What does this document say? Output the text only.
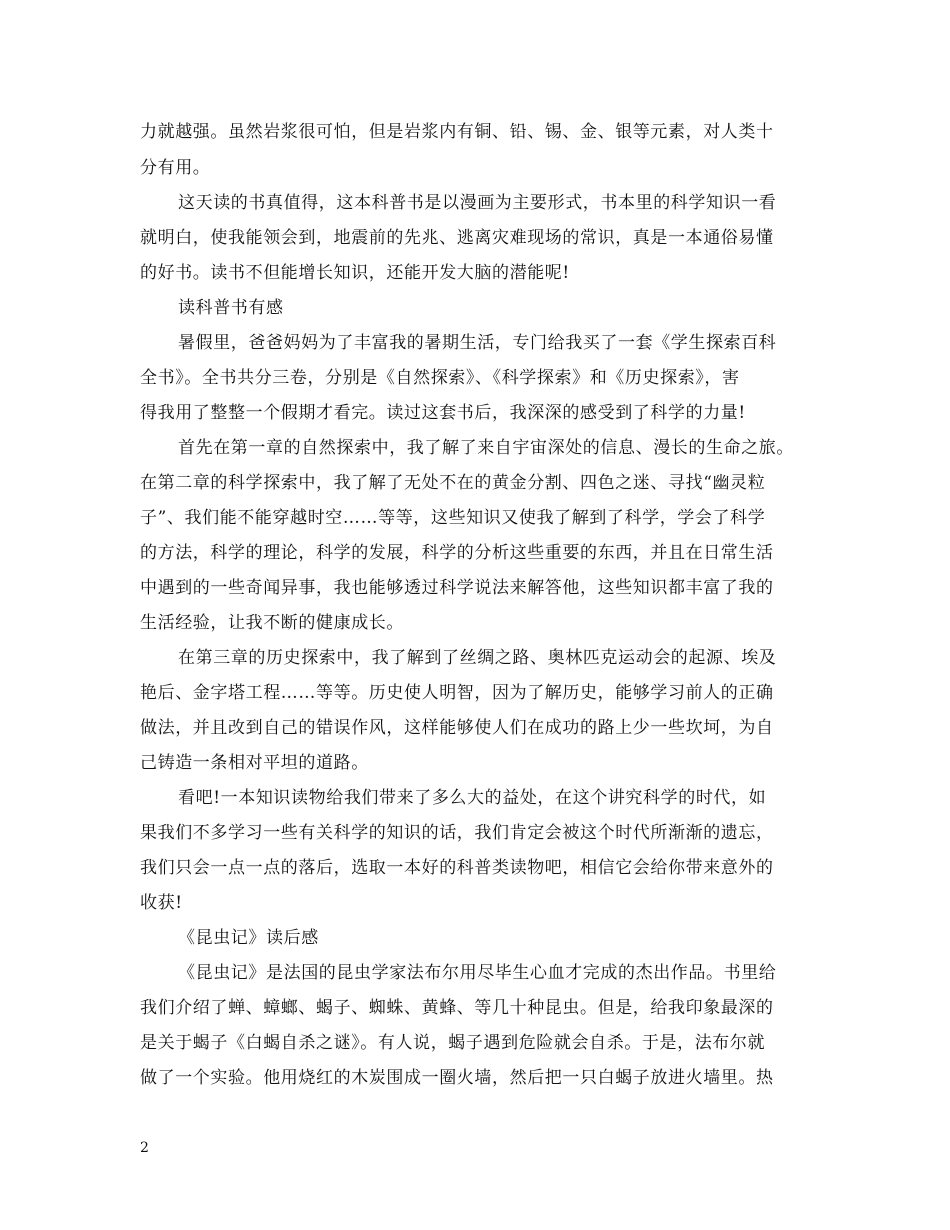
力就越强。虽然岩浆很可怕，但是岩浆内有铜、铅、锡、金、银等元素，对人类十
分有用。
这天读的书真值得，这本科普书是以漫画为主要形式，书本里的科学知识一看
就明白，使我能领会到，地震前的先兆、逃离灾难现场的常识，真是一本通俗易懂
的好书。读书不但能增长知识，还能开发大脑的潜能呢!
读科普书有感
暑假里，爸爸妈妈为了丰富我的暑期生活，专门给我买了一套《学生探索百科
全书》。全书共分三卷，分别是《自然探索》、《科学探索》和《历史探索》，害
得我用了整整一个假期才看完。读过这套书后，我深深的感受到了科学的力量!
首先在第一章的自然探索中，我了解了来自宇宙深处的信息、漫长的生命之旅。
在第二章的科学探索中，我了解了无处不在的黄金分割、四色之迷、寻找“幽灵粒
子”、我们能不能穿越时空……等等，这些知识又使我了解到了科学，学会了科学
的方法，科学的理论，科学的发展，科学的分析这些重要的东西，并且在日常生活
中遇到的一些奇闻异事，我也能够透过科学说法来解答他，这些知识都丰富了我的
生活经验，让我不断的健康成长。
在第三章的历史探索中，我了解到了丝绸之路、奥林匹克运动会的起源、埃及
艳后、金字塔工程……等等。历史使人明智，因为了解历史，能够学习前人的正确
做法，并且改到自己的错误作风，这样能够使人们在成功的路上少一些坎坷，为自
己铸造一条相对平坦的道路。
看吧!一本知识读物给我们带来了多么大的益处，在这个讲究科学的时代，如
果我们不多学习一些有关科学的知识的话，我们肯定会被这个时代所渐渐的遗忘，
我们只会一点一点的落后，选取一本好的科普类读物吧，相信它会给你带来意外的
收获!
《昆虫记》读后感
《昆虫记》是法国的昆虫学家法布尔用尽毕生心血才完成的杰出作品。书里给
我们介绍了蝉、蟑螂、蝎子、蜘蛛、黄蜂、等几十种昆虫。但是，给我印象最深的
是关于蝎子《白蝎自杀之谜》。有人说，蝎子遇到危险就会自杀。于是，法布尔就
做了一个实验。他用烧红的木炭围成一圈火墙，然后把一只白蝎子放进火墙里。热
2
